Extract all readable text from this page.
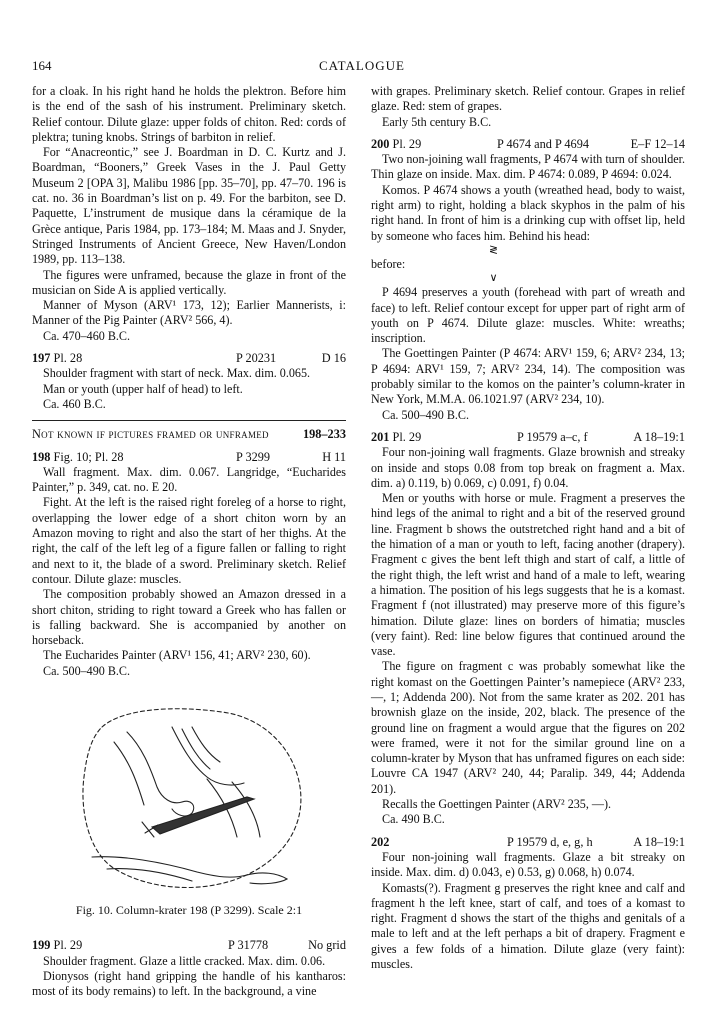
164	CATALOGUE

for a cloak. In his right hand he holds the plektron. Before him is the end of the sash of his instrument. Preliminary sketch. Relief contour. Dilute glaze: upper folds of chiton. Red: cords of plektra; tuning knobs. Strings of barbiton in relief.

For “Anacreontic,” see J. Boardman in D. C. Kurtz and J. Boardman, “Booners,” Greek Vases in the J. Paul Getty Museum 2 [OPA 3], Malibu 1986 [pp. 35–70], pp. 47–70. 196 is cat. no. 36 in Boardman’s list on p. 49. For the barbiton, see D. Paquette, L’instrument de musique dans la céramique de la Grèce antique, Paris 1984, pp. 173–184; M. Maas and J. Snyder, Stringed Instruments of Ancient Greece, New Haven/London 1989, pp. 113–138.

The figures were unframed, because the glaze in front of the musician on Side A is applied vertically.

Manner of Myson (ARV¹ 173, 12); Earlier Mannerists, i: Manner of the Pig Painter (ARV² 566, 4).

Ca. 470–460 B.C.

197 Pl. 28	P 20231	D 16

Shoulder fragment with start of neck. Max. dim. 0.065.

Man or youth (upper half of head) to left.

Ca. 460 B.C.

Not known if pictures framed or unframed	198–233
198 Fig. 10; Pl. 28	P 3299	H 11

Wall fragment. Max. dim. 0.067. Langridge, “Eucharides Painter,” p. 349, cat. no. E 20.

Fight. At the left is the raised right foreleg of a horse to right, overlapping the lower edge of a short chiton worn by an Amazon moving to right and also the start of her thighs. At the right, the calf of the left leg of a figure fallen or falling to right and next to it, the blade of a sword. Preliminary sketch. Relief contour. Dilute glaze: muscles.

The composition probably showed an Amazon dressed in a short chiton, striding to right toward a Greek who has fallen or is falling backward. She is accompanied by another on horseback.

The Eucharides Painter (ARV¹ 156, 41; ARV² 230, 60).

Ca. 500–490 B.C.

Fig. 10. Column-krater 198 (P 3299). Scale 2:1
199 Pl. 29	P 31778	No grid

Shoulder fragment. Glaze a little cracked. Max. dim. 0.06.

Dionysos (right hand gripping the handle of his kantharos: most of its body remains) to left. In the background, a vine

with grapes. Preliminary sketch. Relief contour. Grapes in relief glaze. Red: stem of grapes.

Early 5th century B.C.

200 Pl. 29	P 4674 and P 4694	E–F 12–14

Two non-joining wall fragments, P 4674 with turn of shoulder. Thin glaze on inside. Max. dim. P 4674: 0.089, P 4694: 0.024.

Komos. P 4674 shows a youth (wreathed head, body to waist, right arm) to right, holding a black skyphos in the palm of his right hand. In front of him is a drinking cup with offset lip, held by someone who faces him. Behind his head:

≷
before:
∨

P 4694 preserves a youth (forehead with part of wreath and face) to left. Relief contour except for upper part of right arm of youth on P 4674. Dilute glaze: muscles. White: wreaths; inscription.

The Goettingen Painter (P 4674: ARV¹ 159, 6; ARV² 234, 13; P 4694: ARV¹ 159, 7; ARV² 234, 14). The composition was probably similar to the komos on the painter’s column-krater in New York, M.M.A. 06.1021.97 (ARV² 234, 10).

Ca. 500–490 B.C.

201 Pl. 29	P 19579 a–c, f	A 18–19:1

Four non-joining wall fragments. Glaze brownish and streaky on inside and stops 0.08 from top break on fragment a. Max. dim. a) 0.119, b) 0.069, c) 0.091, f) 0.04.

Men or youths with horse or mule. Fragment a preserves the hind legs of the animal to right and a bit of the reserved ground line. Fragment b shows the outstretched right hand and a bit of the himation of a man or youth to left, facing another (drapery). Fragment c gives the bent left thigh and start of calf, a little of the right thigh, the left wrist and hand of a male to left, wearing a himation. The position of his legs suggests that he is a komast. Fragment f (not illustrated) may preserve more of this figure’s himation. Dilute glaze: lines on borders of himatia; muscles (very faint). Red: line below figures that continued around the vase.

The figure on fragment c was probably somewhat like the right komast on the Goettingen Painter’s namepiece (ARV² 233, —, 1; Addenda 200). Not from the same krater as 202. 201 has brownish glaze on the inside, 202, black. The presence of the ground line on fragment a would argue that the figures on 202 were framed, were it not for the similar ground line on a column-krater by Myson that has unframed figures on each side: Louvre CA 1947 (ARV² 240, 44; Paralip. 349, 44; Addenda 201).

Recalls the Goettingen Painter (ARV² 235, —).

Ca. 490 B.C.

202	P 19579 d, e, g, h	A 18–19:1

Four non-joining wall fragments. Glaze a bit streaky on inside. Max. dim. d) 0.043, e) 0.53, g) 0.068, h) 0.074.

Komasts(?). Fragment g preserves the right knee and calf and fragment h the left knee, start of calf, and toes of a komast to right. Fragment d shows the start of the thighs and genitals of a male to left and at the left perhaps a bit of drapery. Fragment e gives a few folds of a himation. Dilute glaze (very faint): muscles.
